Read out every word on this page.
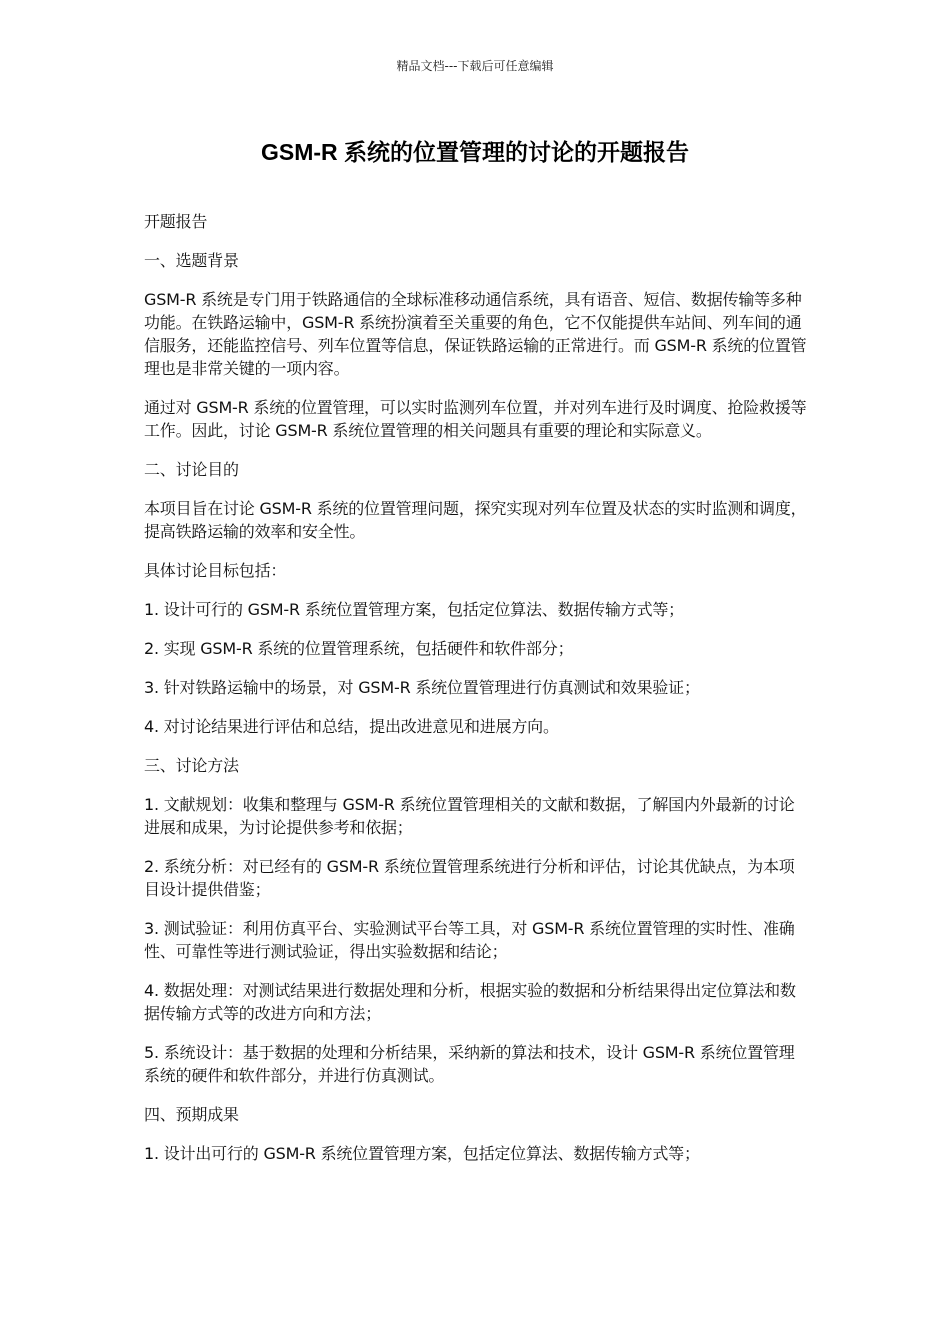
精品文档---下载后可任意编辑
GSM-R 系统的位置管理的讨论的开题报告

开题报告

一、选题背景

GSM-R 系统是专门用于铁路通信的全球标准移动通信系统，具有语音、短信、数据传输等多种功能。在铁路运输中，GSM-R 系统扮演着至关重要的角色，它不仅能提供车站间、列车间的通信服务，还能监控信号、列车位置等信息，保证铁路运输的正常进行。而 GSM-R 系统的位置管理也是非常关键的一项内容。

通过对 GSM-R 系统的位置管理，可以实时监测列车位置，并对列车进行及时调度、抢险救援等工作。因此，讨论 GSM-R 系统位置管理的相关问题具有重要的理论和实际意义。

二、讨论目的

本项目旨在讨论 GSM-R 系统的位置管理问题，探究实现对列车位置及状态的实时监测和调度，提高铁路运输的效率和安全性。

具体讨论目标包括：

1. 设计可行的 GSM-R 系统位置管理方案，包括定位算法、数据传输方式等；

2. 实现 GSM-R 系统的位置管理系统，包括硬件和软件部分；

3. 针对铁路运输中的场景，对 GSM-R 系统位置管理进行仿真测试和效果验证；

4. 对讨论结果进行评估和总结，提出改进意见和进展方向。

三、讨论方法

1. 文献规划：收集和整理与 GSM-R 系统位置管理相关的文献和数据，了解国内外最新的讨论进展和成果，为讨论提供参考和依据；

2. 系统分析：对已经有的 GSM-R 系统位置管理系统进行分析和评估，讨论其优缺点，为本项目设计提供借鉴；

3. 测试验证：利用仿真平台、实验测试平台等工具，对 GSM-R 系统位置管理的实时性、准确性、可靠性等进行测试验证，得出实验数据和结论；

4. 数据处理：对测试结果进行数据处理和分析，根据实验的数据和分析结果得出定位算法和数据传输方式等的改进方向和方法；

5. 系统设计：基于数据的处理和分析结果，采纳新的算法和技术，设计 GSM-R 系统位置管理系统的硬件和软件部分，并进行仿真测试。

四、预期成果

1. 设计出可行的 GSM-R 系统位置管理方案，包括定位算法、数据传输方式等；
